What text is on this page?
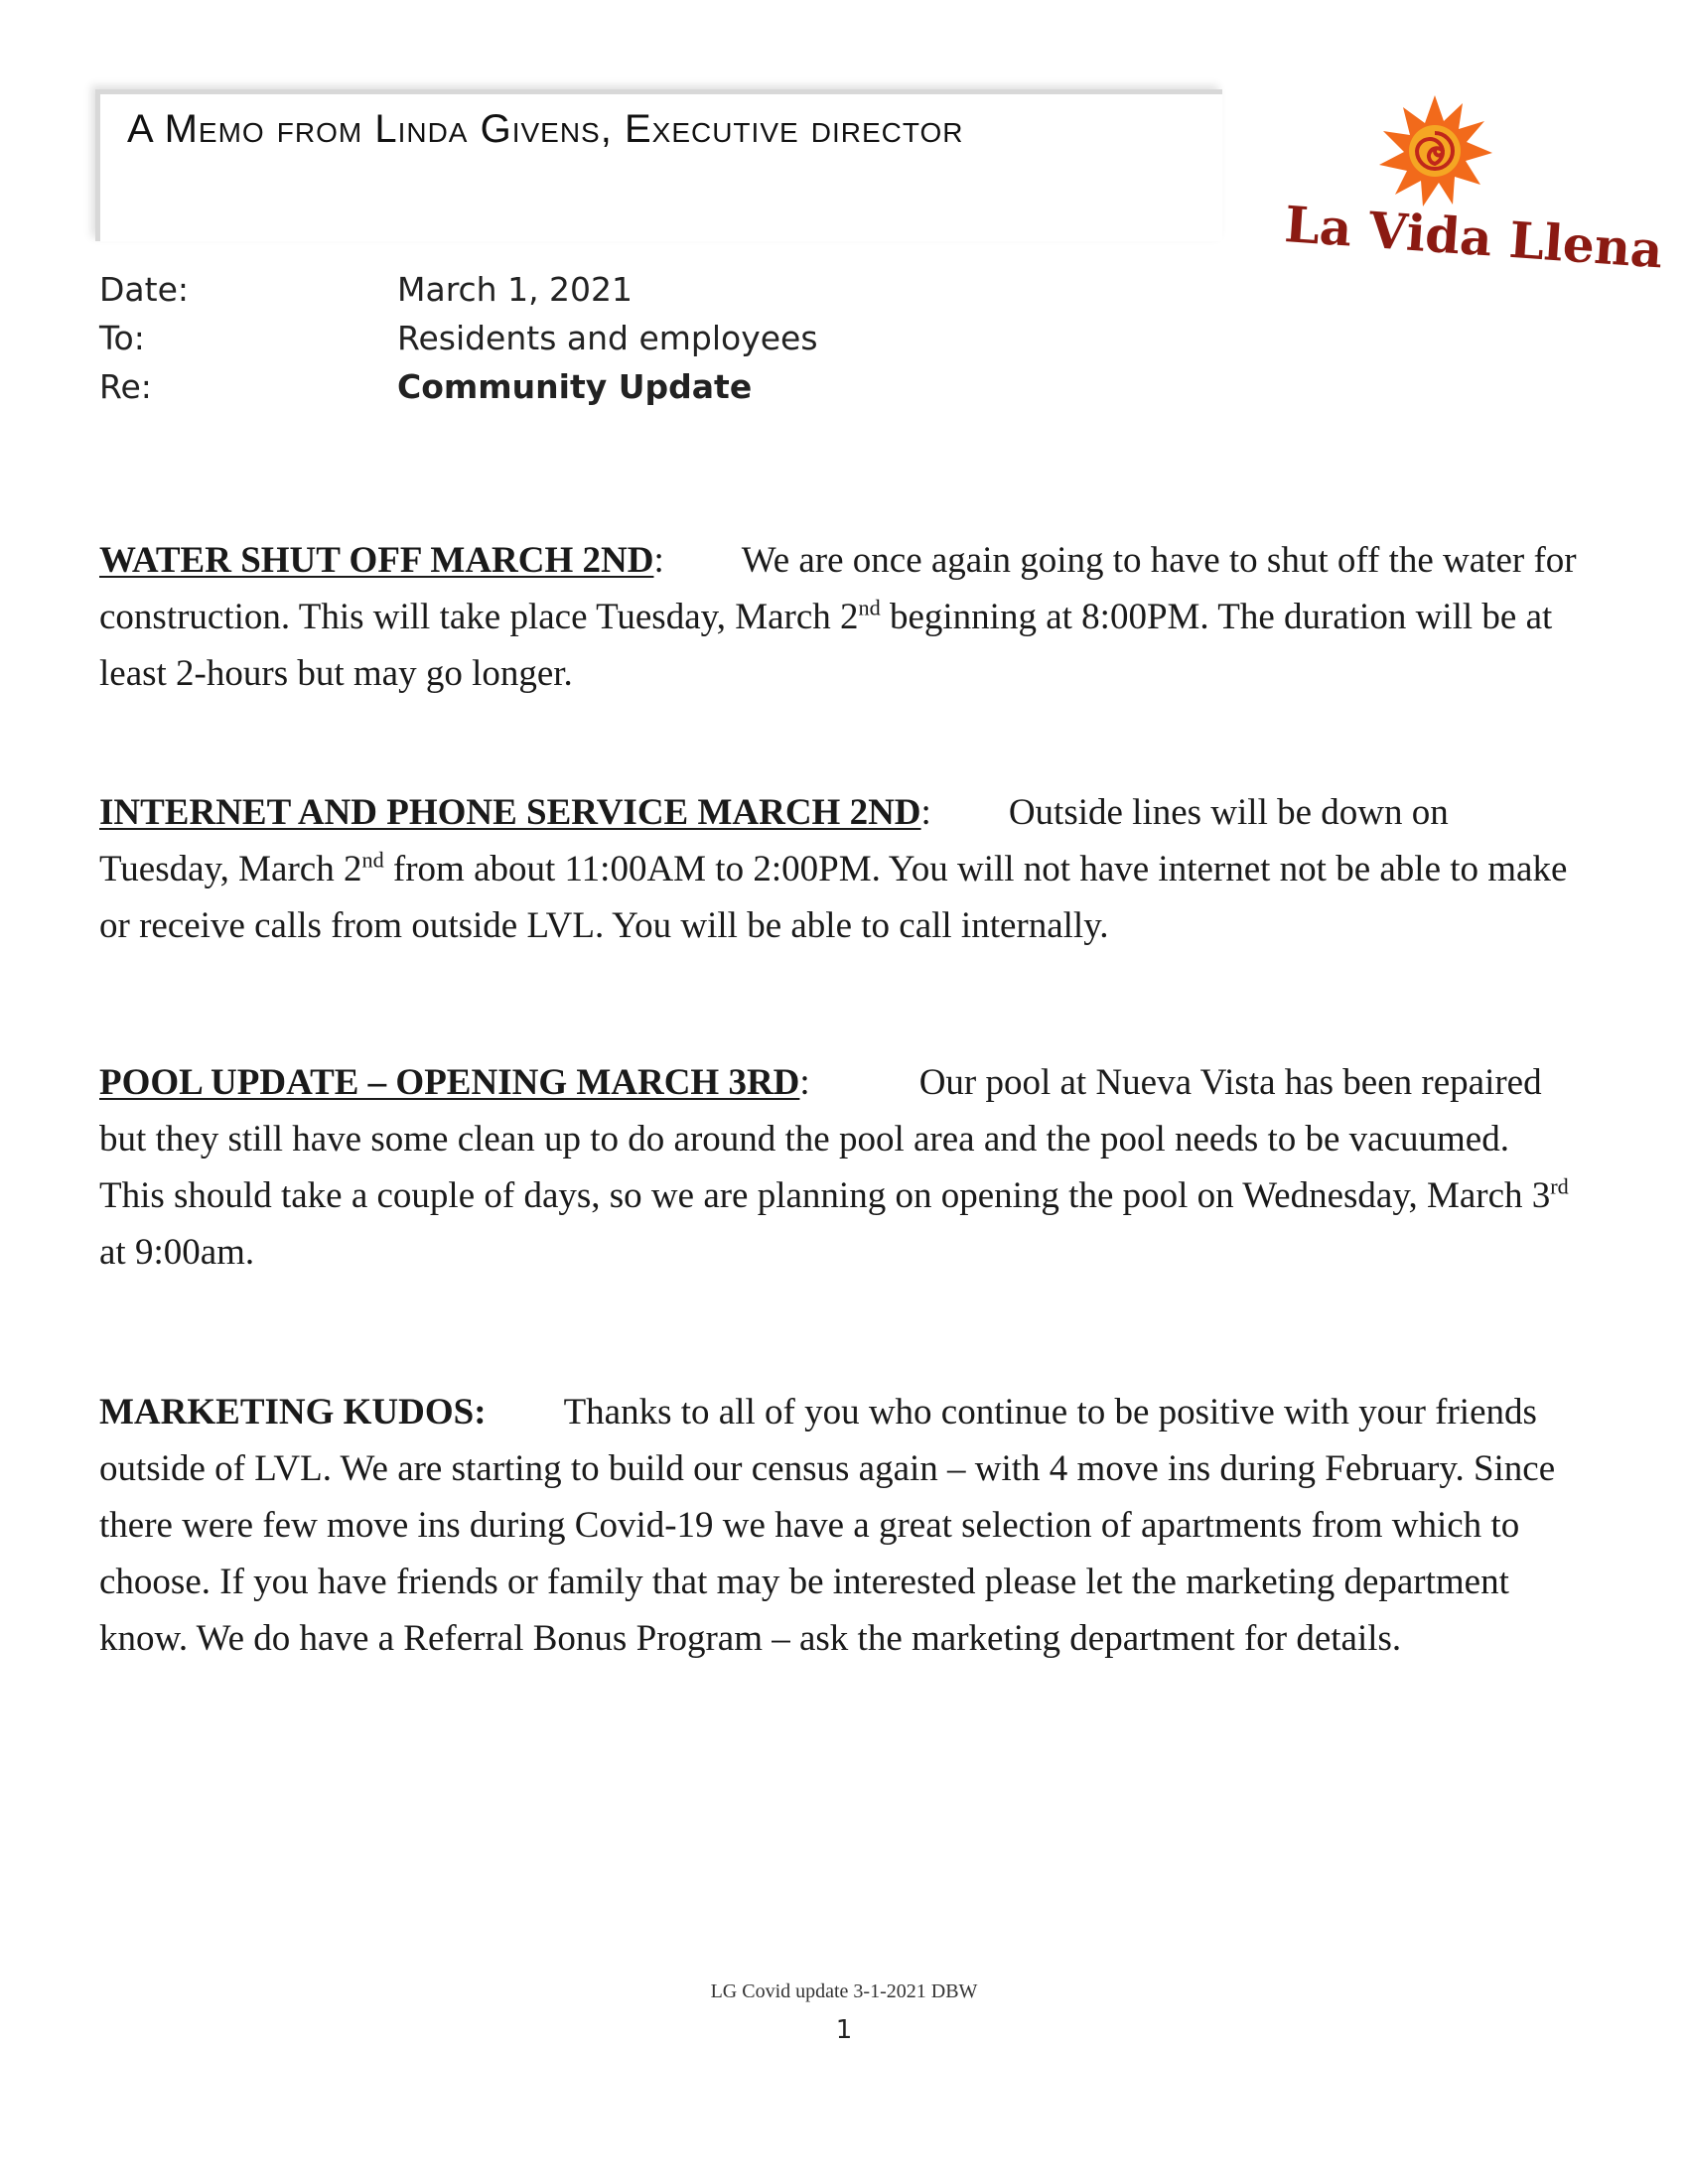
A Memo from Linda Givens, Executive director
La Vida Llena
Date:	March 1, 2021
To:	Residents and employees
Re:	Community Update
WATER SHUT OFF MARCH 2ND: We are once again going to have to shut off the water for construction. This will take place Tuesday, March 2nd beginning at 8:00PM. The duration will be at least 2-hours but may go longer.
INTERNET AND PHONE SERVICE MARCH 2ND: Outside lines will be down on Tuesday, March 2nd from about 11:00AM to 2:00PM. You will not have internet not be able to make or receive calls from outside LVL. You will be able to call internally.
POOL UPDATE – OPENING MARCH 3RD:	Our pool at Nueva Vista has been repaired but they still have some clean up to do around the pool area and the pool needs to be vacuumed. This should take a couple of days, so we are planning on opening the pool on Wednesday, March 3rd at 9:00am.
MARKETING KUDOS: Thanks to all of you who continue to be positive with your friends outside of LVL. We are starting to build our census again – with 4 move ins during February. Since there were few move ins during Covid-19 we have a great selection of apartments from which to choose. If you have friends or family that may be interested please let the marketing department know. We do have a Referral Bonus Program – ask the marketing department for details.
LG Covid update 3-1-2021 DBW
1
